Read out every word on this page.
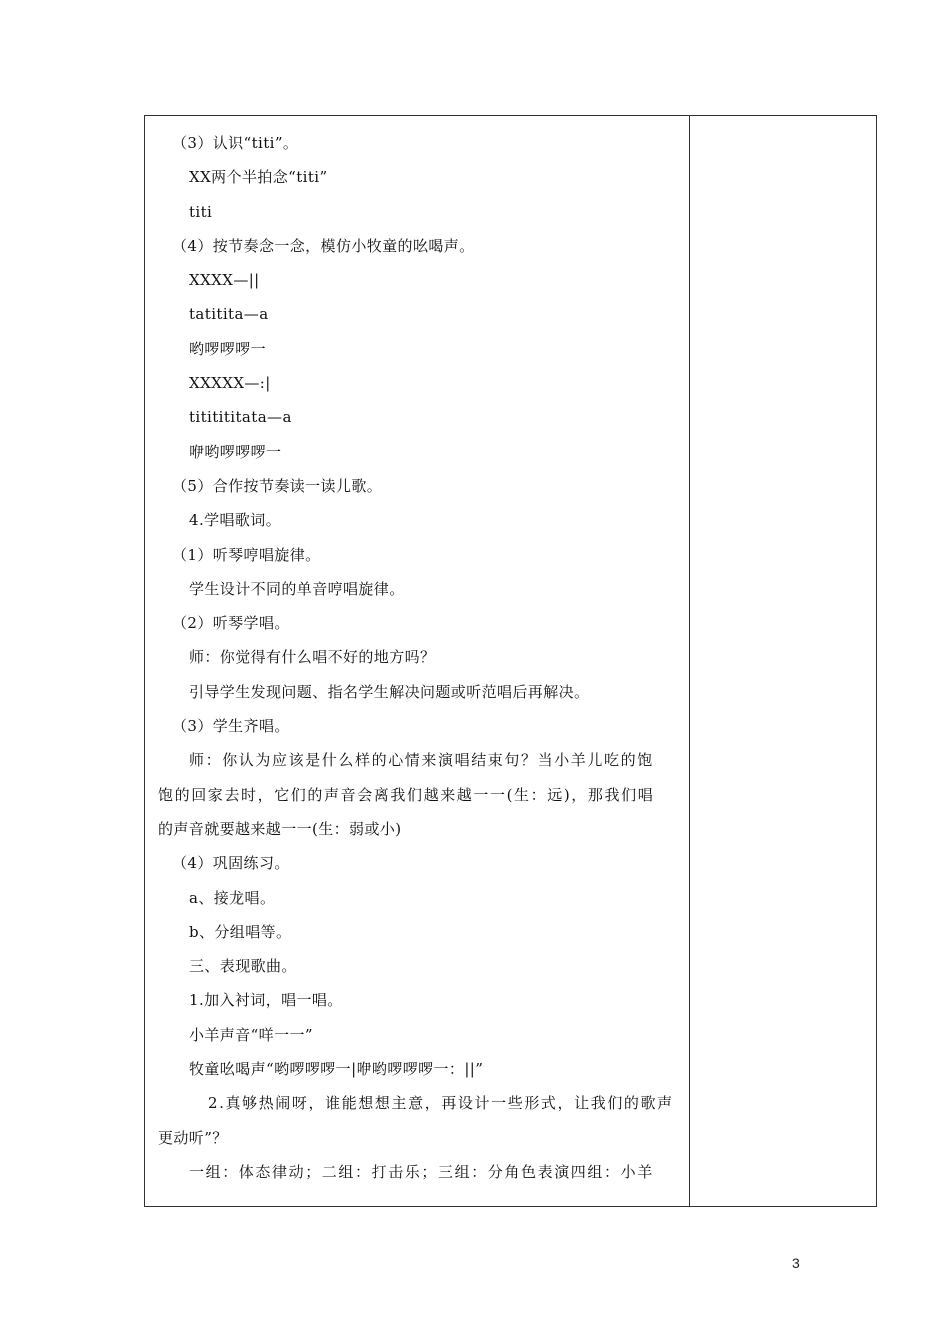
（3）认识“titi”。
XX两个半拍念“titi”
titi
（4）按节奏念一念，模仿小牧童的吆喝声。
XXXX—||
tatitita—a
哟啰啰啰一
XXXXX—:|
tititititata—a
咿哟啰啰啰一
（5）合作按节奏读一读儿歌。
4.学唱歌词。
（1）听琴哼唱旋律。
学生设计不同的单音哼唱旋律。
（2）听琴学唱。
师：你觉得有什么唱不好的地方吗？
引导学生发现问题、指名学生解决问题或听范唱后再解决。
（3）学生齐唱。
师：你认为应该是什么样的心情来演唱结束句？当小羊儿吃的饱
饱的回家去时，它们的声音会离我们越来越一一(生：远)，那我们唱
的声音就要越来越一一(生：弱或小)
（4）巩固练习。
a、接龙唱。
b、分组唱等。
三、表现歌曲。
1.加入衬词，唱一唱。
小羊声音“咩一一”
牧童吆喝声“哟啰啰啰一|咿哟啰啰啰一：||”
2.真够热闹呀，谁能想想主意，再设计一些形式，让我们的歌声
更动听”？
一组：体态律动；二组：打击乐；三组：分角色表演四组：小羊
3
